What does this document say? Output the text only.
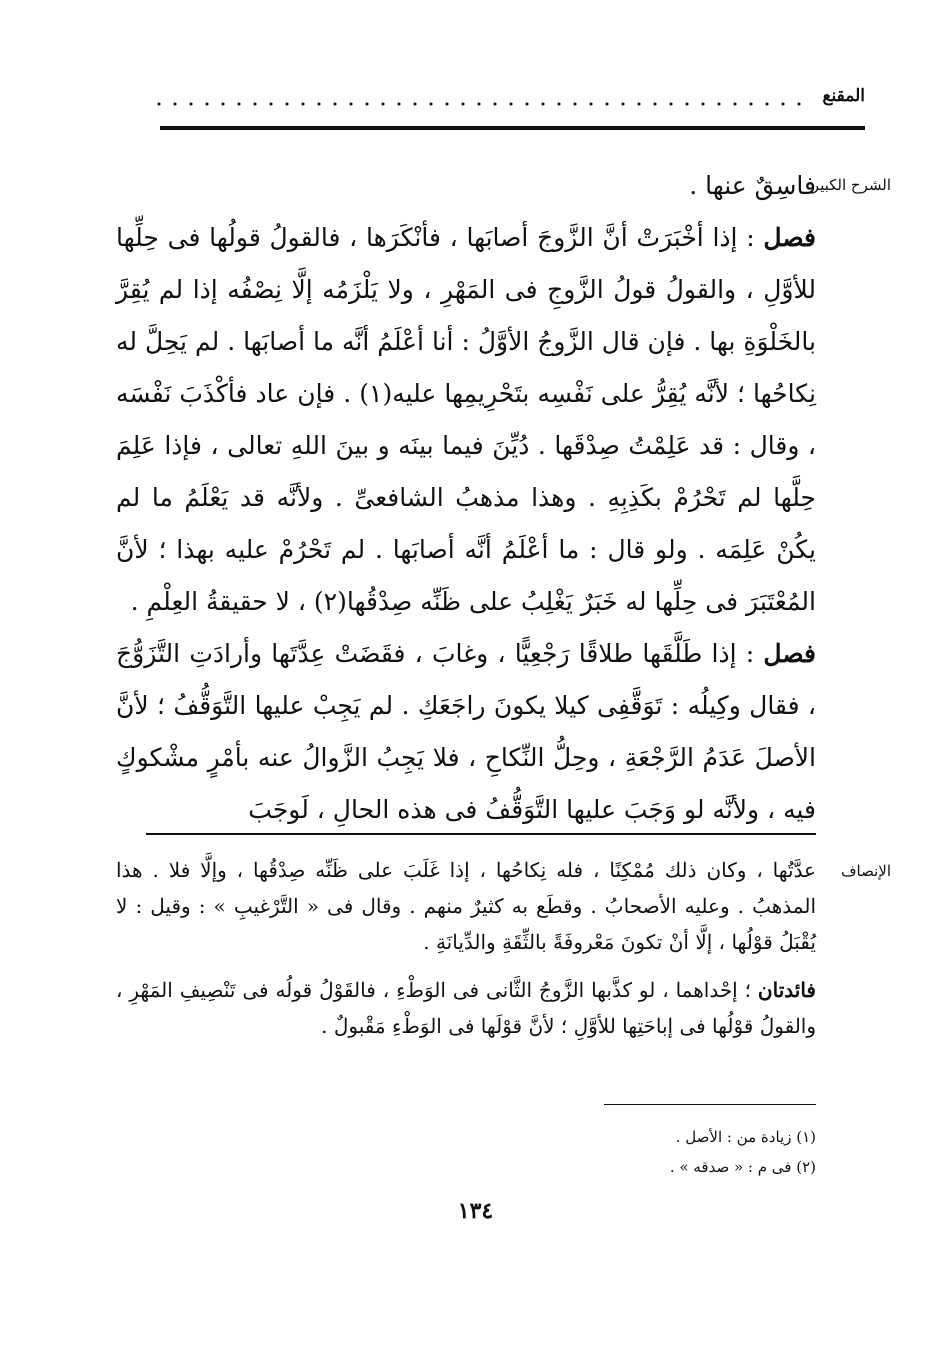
المقنع
الشرح الكبير

فاسِقٌ عنها .

فصل : إذا أخْبَرَتْ أنَّ الزَّوجَ أصابَها ، فأنْكَرَها ، فالقولُ قولُها فى حِلِّها للأوَّلِ ، والقولُ قولُ الزَّوجِ فى المَهْرِ ، ولا يَلْزَمُه إلَّا نِصْفُه إذا لم يُقِرَّ بالخَلْوَةِ بها . فإن قال الزَّوجُ الأوَّلُ : أنا أعْلَمُ أنَّه ما أصابَها . لم يَحِلَّ له نِكاحُها ؛ لأنَّه يُقِرُّ على نَفْسِه بتَحْرِيمِها عليه(١) . فإن عاد فأكْذَبَ نَفْسَه ، وقال : قد عَلِمْتُ صِدْقَها . دُيِّنَ فيما بينَه و بينَ اللهِ تعالى ، فإذا عَلِمَ حِلَّها لم تَحْرُمْ بكَذِبِهِ . وهذا مذهبُ الشافعىِّ . ولأنَّه قد يَعْلَمُ ما لم يكُنْ عَلِمَه . ولو قال : ما أعْلَمُ أنَّه أصابَها . لم تَحْرُمْ عليه بهذا ؛ لأنَّ المُعْتَبَرَ فى حِلِّها له خَبَرٌ يَغْلِبُ على ظَنِّه صِدْقُها(٢) ، لا حقيقةُ العِلْمِ .

فصل : إذا طَلَّقَها طلاقًا رَجْعِيًّا ، وغابَ ، فقَضَتْ عِدَّتَها وأرادَتِ التَّزَوُّجَ ، فقال وكِيلُه : تَوَقَّفِى كيلا يكونَ راجَعَكِ . لم يَجِبْ عليها التَّوَقُّفُ ؛ لأنَّ الأصلَ عَدَمُ الرَّجْعَةِ ، وحِلُّ النِّكاحِ ، فلا يَجِبُ الزَّوالُ عنه بأمْرٍ مشْكوكٍ فيه ، ولأنَّه لو وَجَبَ عليها التَّوَقُّفُ فى هذه الحالِ ، لَوجَبَ

الإنصاف

عدَّتُها ، وكان ذلك مُمْكِنًا ، فله نِكاحُها ، إذا غَلَبَ على ظَنِّه صِدْقُها ، وإلَّا فلا . هذا المذهبُ . وعليه الأصحابُ . وقطَع به كثيرٌ منهم . وقال فى « التَّرْغيبِ » : وقيل : لا يُقْبَلُ قوْلُها ، إلَّا أنْ تكونَ مَعْروفَةً بالثِّقَةِ والدِّيانَةِ .

فائدتان ؛ إحْداهما ، لو كذَّبها الزَّوجُ الثَّانى فى الوَطْءِ ، فالقَوْلُ قولُه فى تَنْصِيفِ المَهْرِ ، والقولُ قوْلُها فى إباحَتِها للأوَّلِ ؛ لأنَّ قوْلَها فى الوَطْءِ مَقْبولٌ .

(١) زيادة من : الأصل .
(٢) فى م : « صدقه » .
١٣٤
